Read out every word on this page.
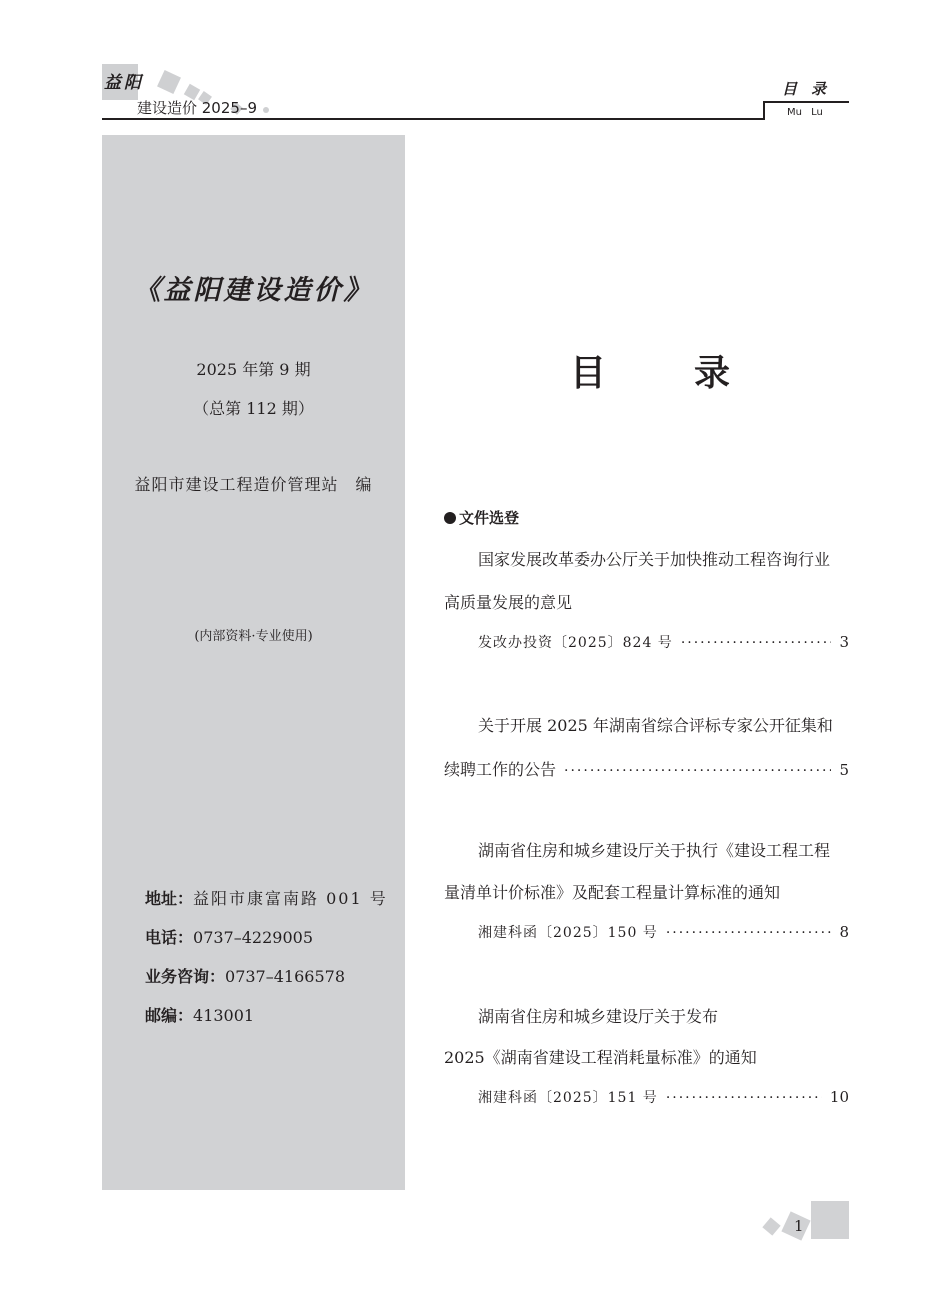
益阳
建设造价 2025–9
目录
Mu Lu
《益阳建设造价》
2025 年第 9 期
（总第 112 期）
益阳市建设工程造价管理站　编
(内部资料·专业使用)
地址：益阳市康富南路 001 号
电话：0737–4229005
业务咨询：0737–4166578
邮编：413001
目录
文件选登
国家发展改革委办公厅关于加快推动工程咨询行业
高质量发展的意见
发改办投资〔2025〕824 号 ·····	3
关于开展 2025 年湖南省综合评标专家公开征集和
续聘工作的公告 ·····	5
湖南省住房和城乡建设厅关于执行《建设工程工程
量清单计价标准》及配套工程量计算标准的通知
湘建科函〔2025〕150 号 ·····	8
湖南省住房和城乡建设厅关于发布
2025《湖南省建设工程消耗量标准》的通知
湘建科函〔2025〕151 号 ·····	10
1
